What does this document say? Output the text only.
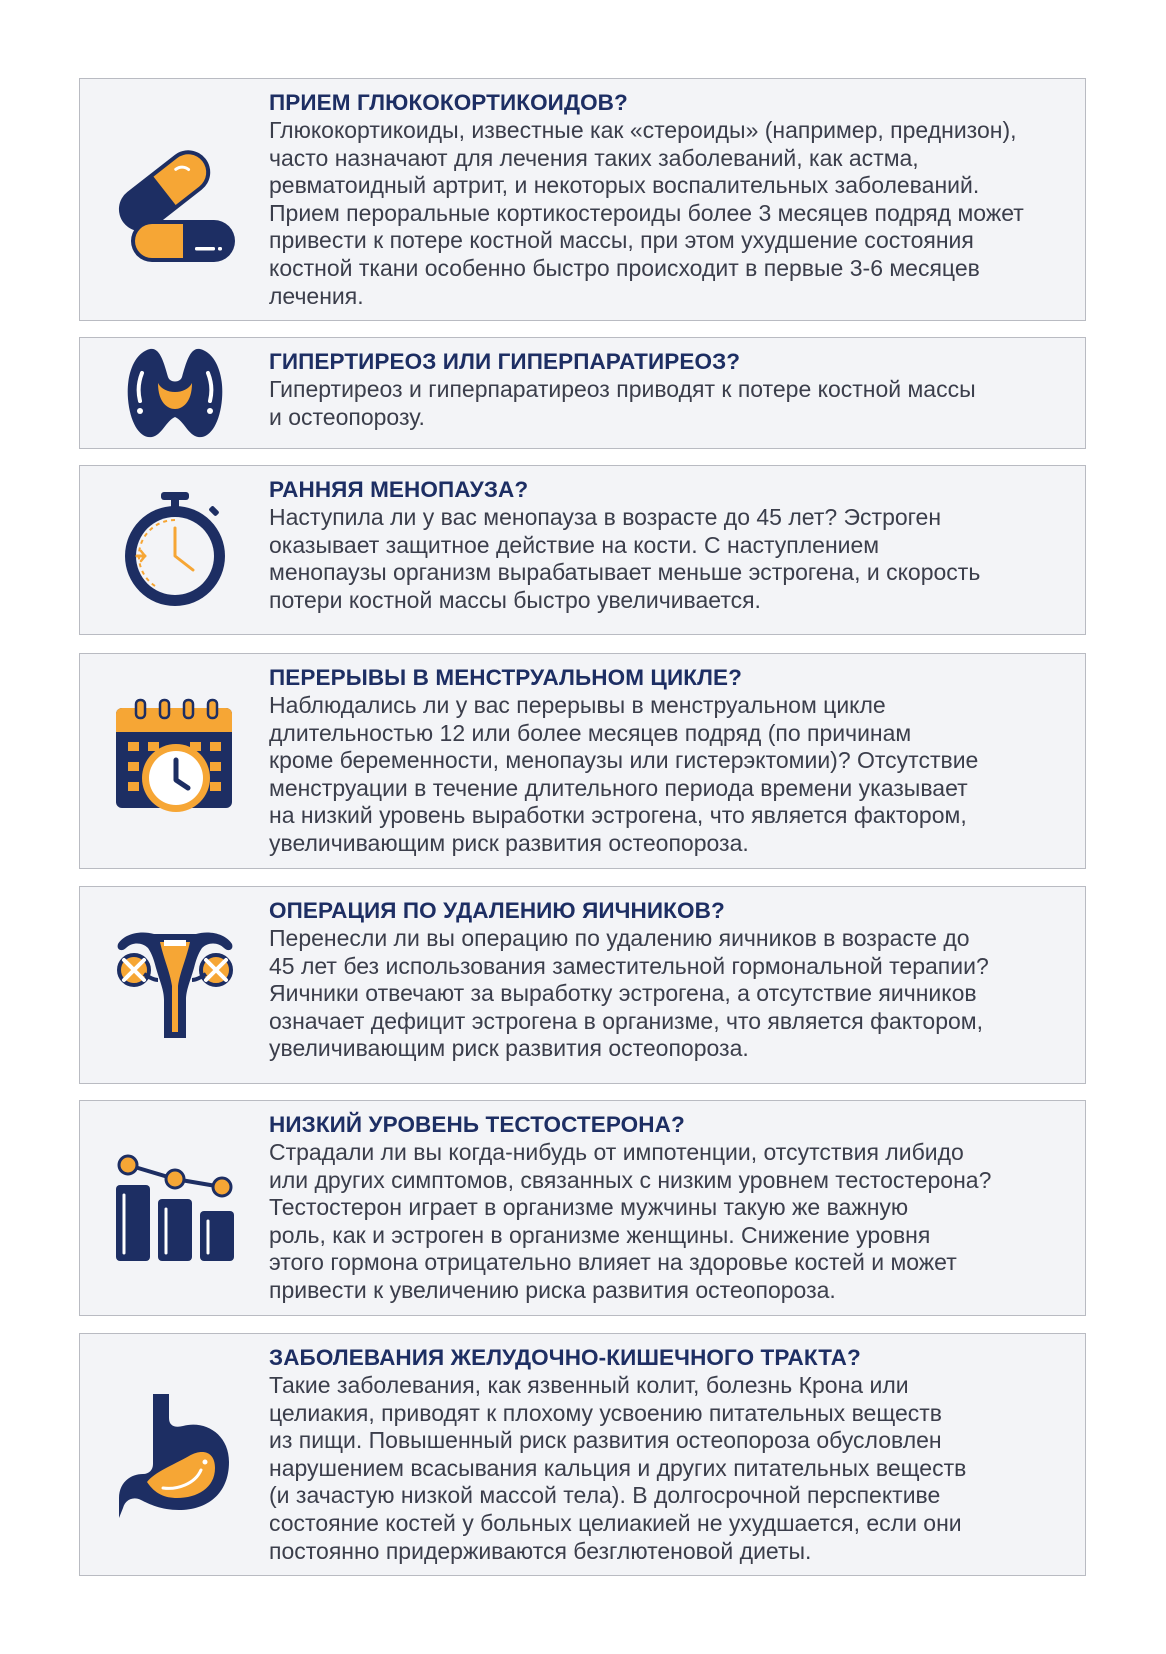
ПРИЕМ ГЛЮКОКОРТИКОИДОВ?

Глюкокортикоиды, известные как «стероиды» (например, преднизон),
часто назначают для лечения таких заболеваний, как астма,
ревматоидный артрит, и некоторых воспалительных заболеваний.
Прием пероральные кортикостероиды более 3 месяцев подряд может
привести к потере костной массы, при этом ухудшение состояния
костной ткани особенно быстро происходит в первые 3-6 месяцев
лечения.

ГИПЕРТИРЕОЗ ИЛИ ГИПЕРПАРАТИРЕОЗ?

Гипертиреоз и гиперпаратиреоз приводят к потере костной массы
и остеопорозу.

РАННЯЯ МЕНОПАУЗА?

Наступила ли у вас менопауза в возрасте до 45 лет? Эстроген
оказывает защитное действие на кости. С наступлением
менопаузы организм вырабатывает меньше эстрогена, и скорость
потери костной массы быстро увеличивается.

ПЕРЕРЫВЫ В МЕНСТРУАЛЬНОМ ЦИКЛЕ?

Наблюдались ли у вас перерывы в менструальном цикле
длительностью 12 или более месяцев подряд (по причинам
кроме беременности, менопаузы или гистерэктомии)? Отсутствие
менструации в течение длительного периода времени указывает
на низкий уровень выработки эстрогена, что является фактором,
увеличивающим риск развития остеопороза.

ОПЕРАЦИЯ ПО УДАЛЕНИЮ ЯИЧНИКОВ?

Перенесли ли вы операцию по удалению яичников в возрасте до
45 лет без использования заместительной гормональной терапии?
Яичники отвечают за выработку эстрогена, а отсутствие яичников
означает дефицит эстрогена в организме, что является фактором,
увеличивающим риск развития остеопороза.

НИЗКИЙ УРОВЕНЬ ТЕСТОСТЕРОНА?

Страдали ли вы когда-нибудь от импотенции, отсутствия либидо
или других симптомов, связанных с низким уровнем тестостерона?
Тестостерон играет в организме мужчины такую же важную
роль, как и эстроген в организме женщины. Снижение уровня
этого гормона отрицательно влияет на здоровье костей и может
привести к увеличению риска развития остеопороза.

ЗАБОЛЕВАНИЯ ЖЕЛУДОЧНО-КИШЕЧНОГО ТРАКТА?

Такие заболевания, как язвенный колит, болезнь Крона или
целиакия, приводят к плохому усвоению питательных веществ
из пищи. Повышенный риск развития остеопороза обусловлен
нарушением всасывания кальция и других питательных веществ
(и зачастую низкой массой тела). В долгосрочной перспективе
состояние костей у больных целиакией не ухудшается, если они
постоянно придерживаются безглютеновой диеты.
